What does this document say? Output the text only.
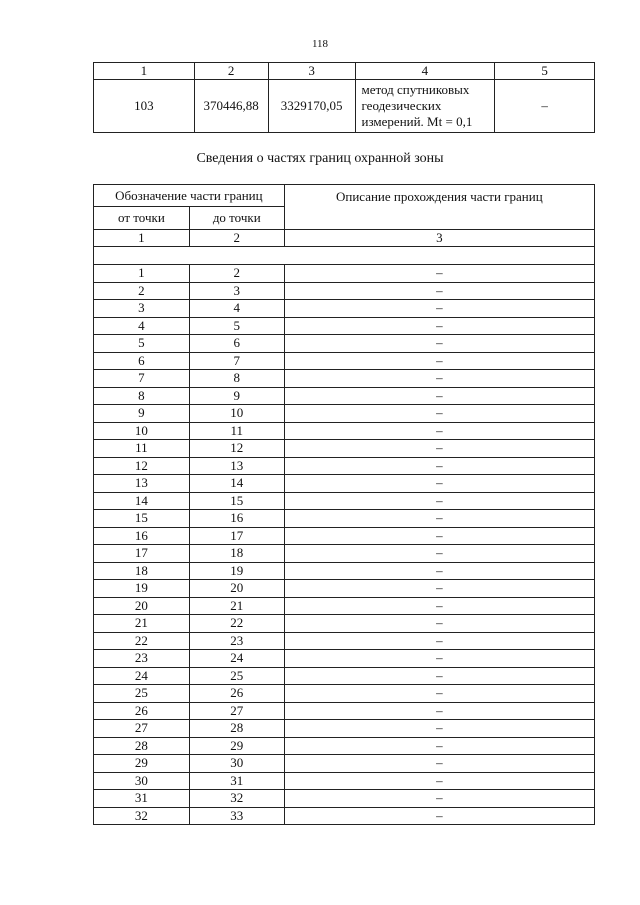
118
1	2	3	4	5
103	370446,88	3329170,05	метод спутниковых
геодезических
измерений. Mt = 0,1	–
Сведения о частях границ охранной зоны
Обозначение части границ		Описание прохождения части границ
от точки	до точки	
1	2	3

1	2	–
2	3	–
3	4	–
4	5	–
5	6	–
6	7	–
7	8	–
8	9	–
9	10	–
10	11	–
11	12	–
12	13	–
13	14	–
14	15	–
15	16	–
16	17	–
17	18	–
18	19	–
19	20	–
20	21	–
21	22	–
22	23	–
23	24	–
24	25	–
25	26	–
26	27	–
27	28	–
28	29	–
29	30	–
30	31	–
31	32	–
32	33	–
